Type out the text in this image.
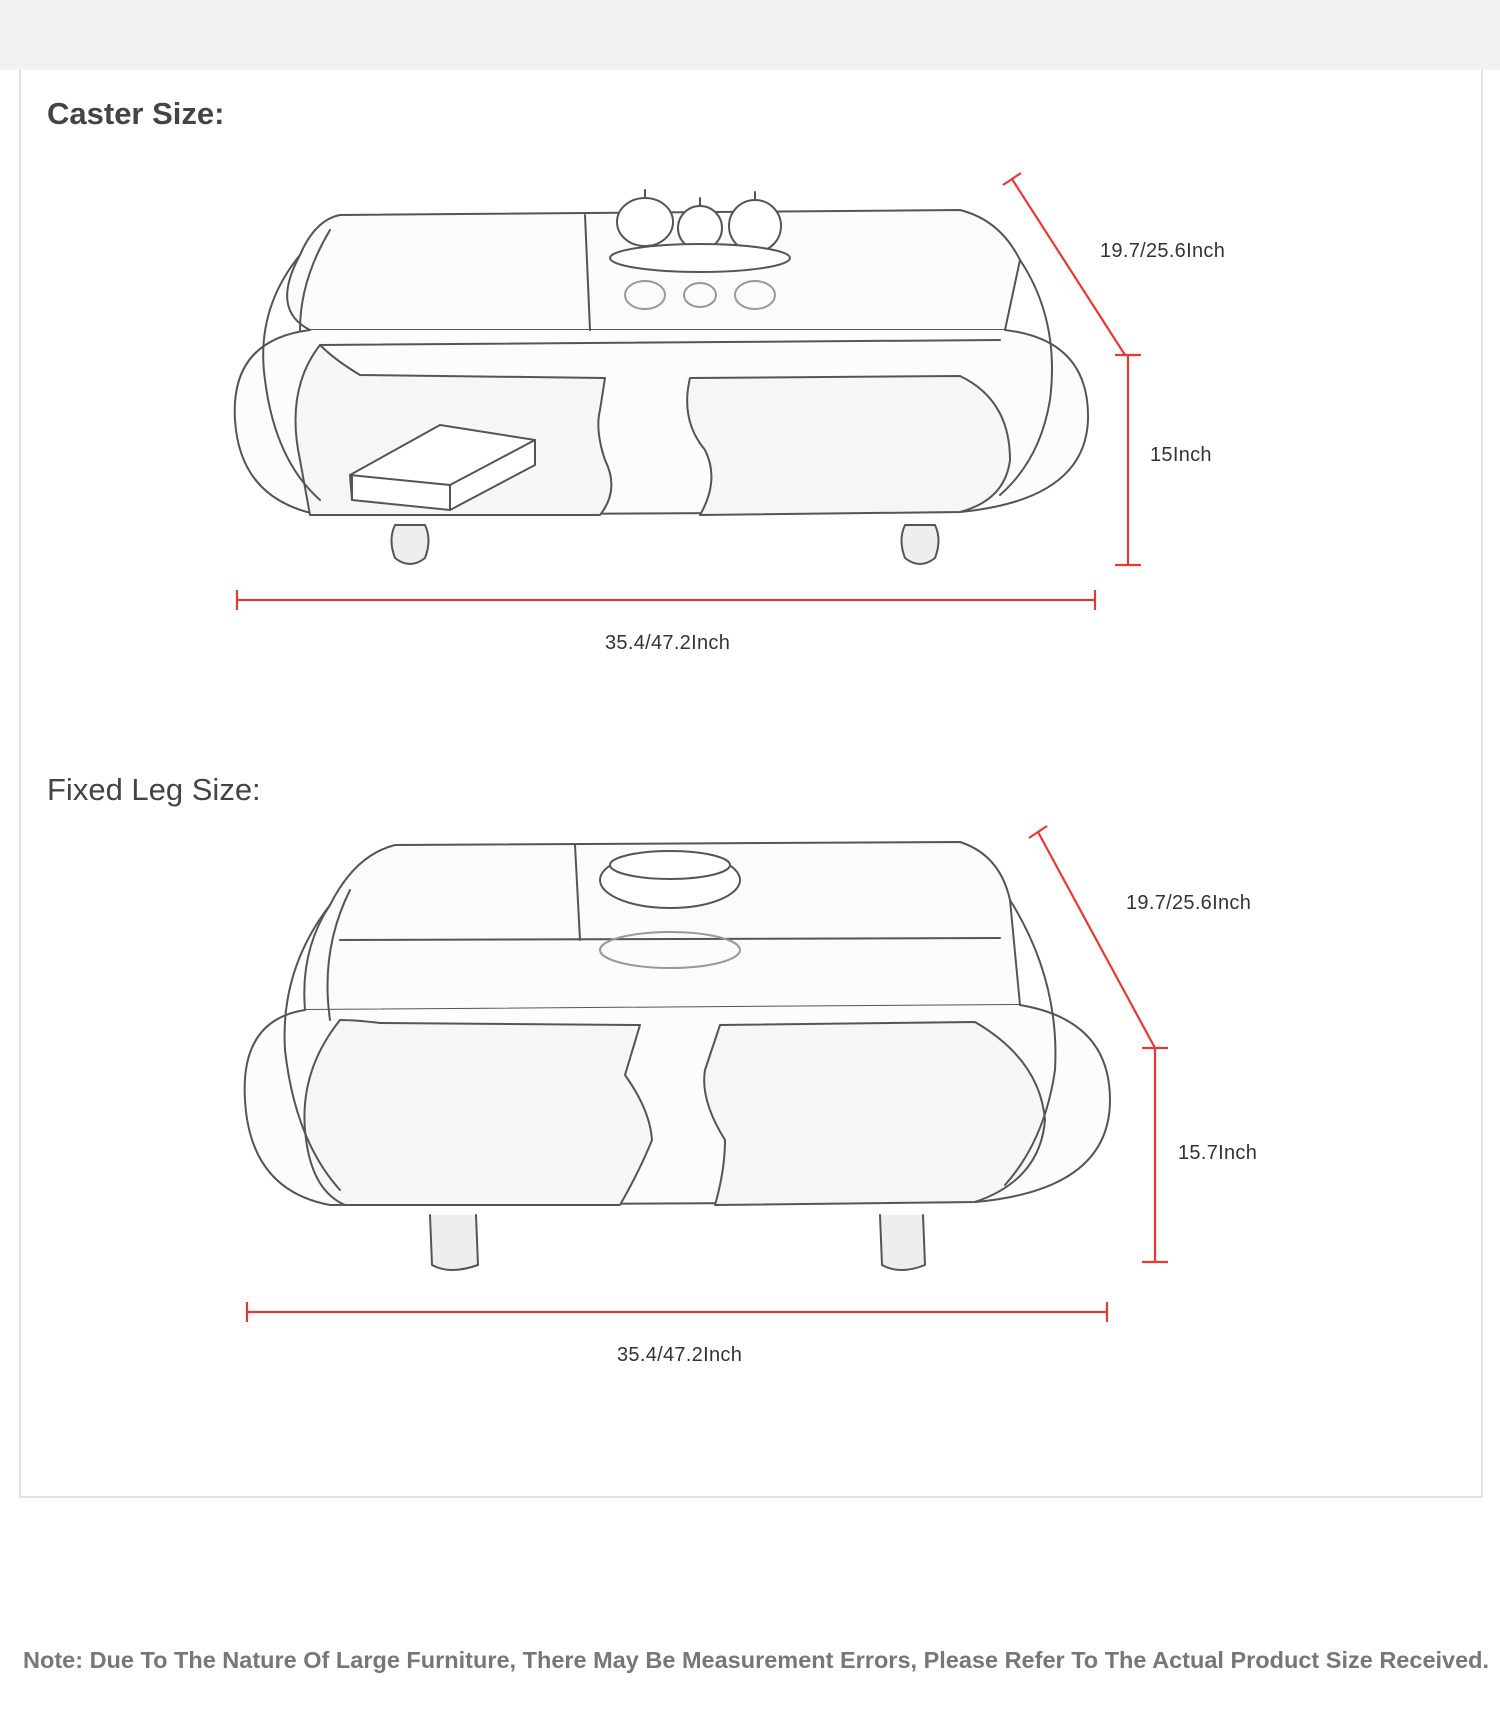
Caster Size:
19.7/25.6Inch
15Inch
35.4/47.2Inch
Fixed Leg Size:
19.7/25.6Inch
15.7Inch
35.4/47.2Inch

Note: Due To The Nature Of Large Furniture, There May Be Measurement Errors, Please Refer To The Actual Product Size Received.
